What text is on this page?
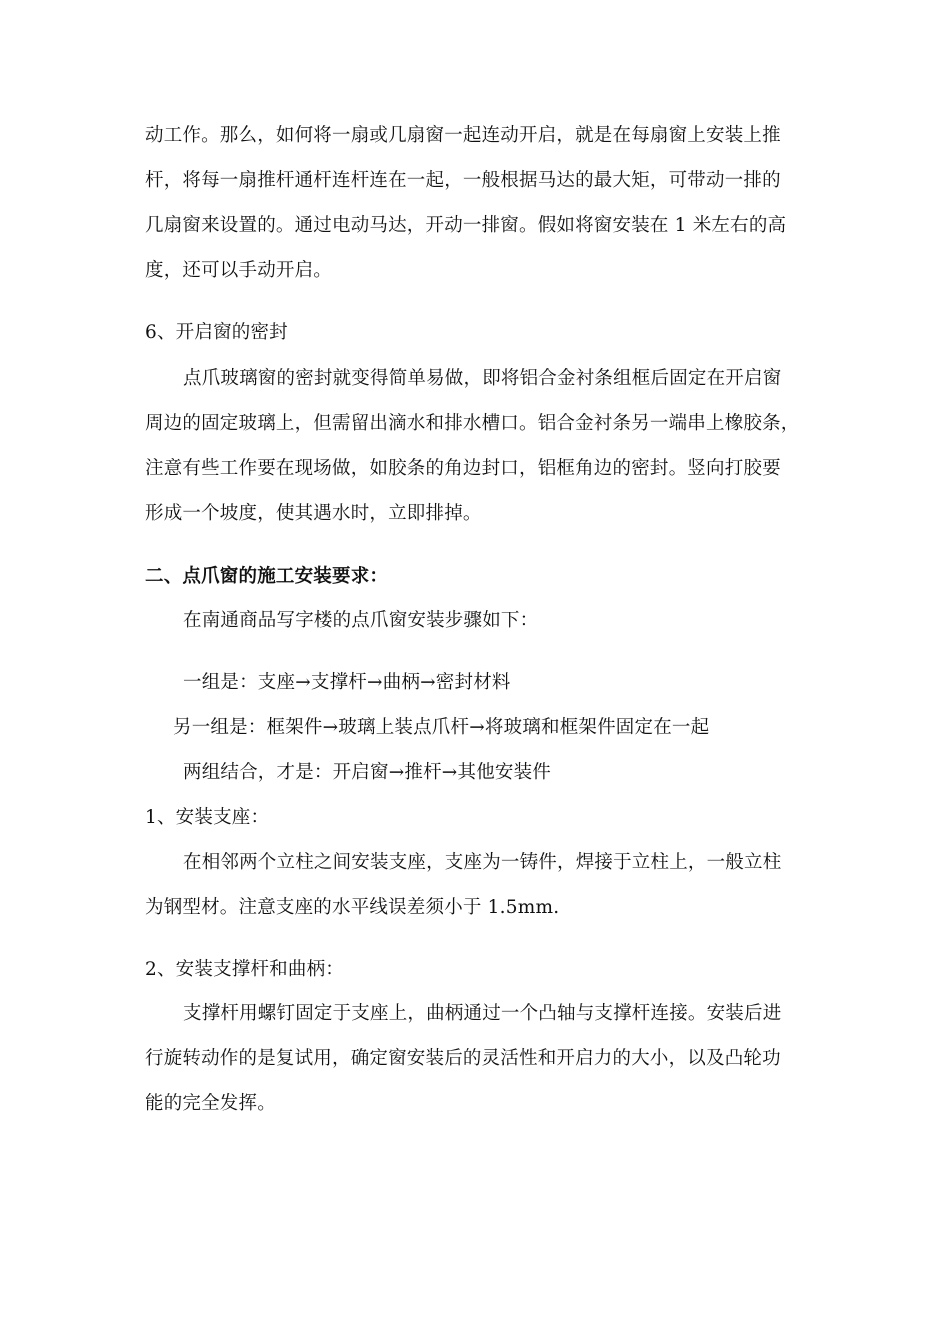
动工作。那么，如何将一扇或几扇窗一起连动开启，就是在每扇窗上安装上推
杆，将每一扇推杆通杆连杆连在一起，一般根据马达的最大矩，可带动一排的
几扇窗来设置的。通过电动马达，开动一排窗。假如将窗安装在 1 米左右的高
度，还可以手动开启。
6、开启窗的密封
点爪玻璃窗的密封就变得简单易做，即将铝合金衬条组框后固定在开启窗
周边的固定玻璃上，但需留出滴水和排水槽口。铝合金衬条另一端串上橡胶条，
注意有些工作要在现场做，如胶条的角边封口，铝框角边的密封。竖向打胶要
形成一个坡度，使其遇水时，立即排掉。
二、点爪窗的施工安装要求：
在南通商品写字楼的点爪窗安装步骤如下：
一组是：支座→支撑杆→曲柄→密封材料
另一组是：框架件→玻璃上装点爪杆→将玻璃和框架件固定在一起
两组结合，才是：开启窗→推杆→其他安装件
1、安装支座：
在相邻两个立柱之间安装支座，支座为一铸件，焊接于立柱上，一般立柱
为钢型材。注意支座的水平线误差须小于 1.5mm.
2、安装支撑杆和曲柄：
支撑杆用螺钉固定于支座上，曲柄通过一个凸轴与支撑杆连接。安装后进
行旋转动作的是复试用，确定窗安装后的灵活性和开启力的大小，以及凸轮功
能的完全发挥。
